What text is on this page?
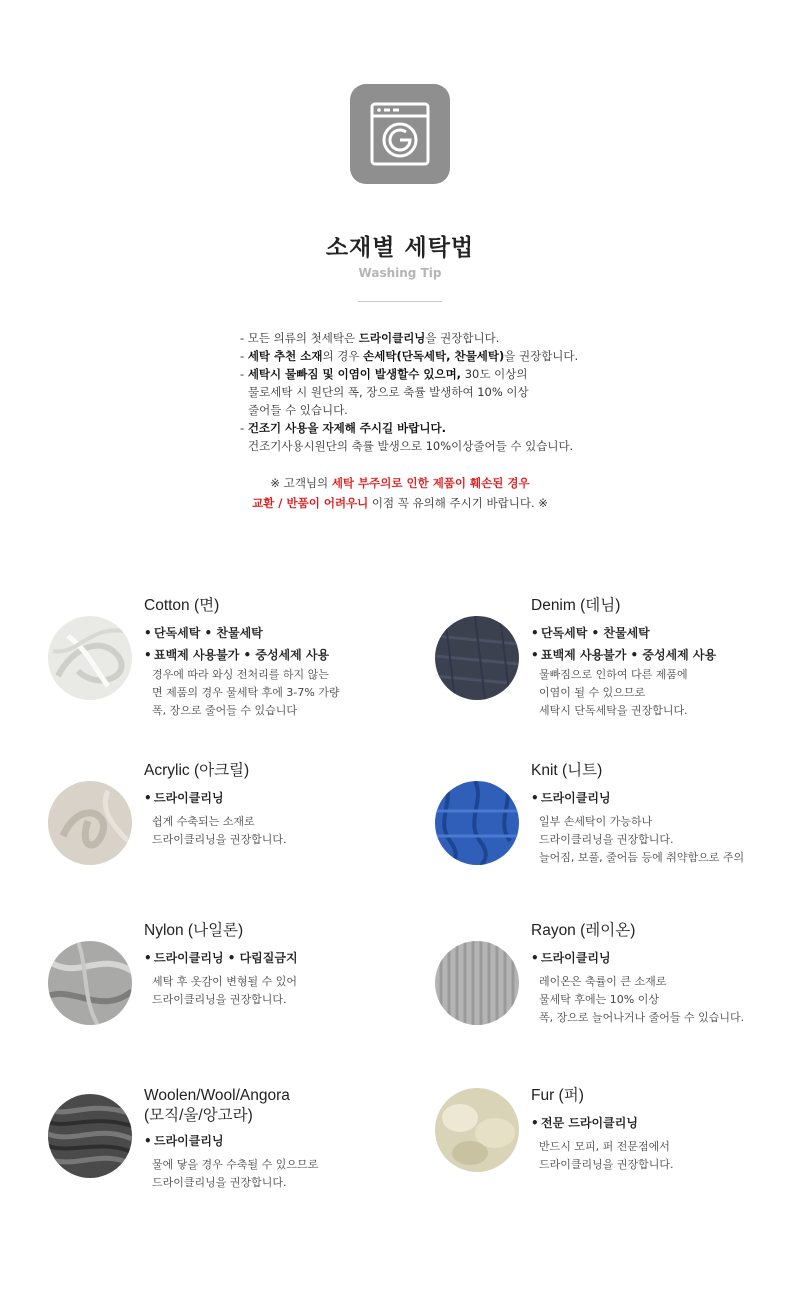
소재별 세탁법
Washing Tip
- 모든 의류의 첫세탁은 드라이클리닝을 권장합니다.
- 세탁 추천 소재의 경우 손세탁(단독세탁, 찬물세탁)을 권장합니다.
- 세탁시 물빠짐 및 이염이 발생할수 있으며, 30도 이상의
물로세탁 시 원단의 폭, 장으로 축률 발생하여 10% 이상
줄어들 수 있습니다.
- 건조기 사용을 자제해 주시길 바랍니다.
건조기사용시원단의 축률 발생으로 10%이상줄어들 수 있습니다.
※ 고객님의 세탁 부주의로 인한 제품이 훼손된 경우
교환 / 반품이 어려우니 이점 꼭 유의해 주시기 바랍니다. ※
Cotton (면)
• 단독세탁 • 찬물세탁
• 표백제 사용불가 • 중성세제 사용
경우에 따라 와싱 전처리를 하지 않는
면 제품의 경우 물세탁 후에 3-7% 가량
폭, 장으로 줄어들 수 있습니다
Denim (데님)
• 단독세탁 • 찬물세탁
• 표백제 사용불가 • 중성세제 사용
물빠짐으로 인하여 다른 제품에
이염이 될 수 있으므로
세탁시 단독세탁을 권장합니다.
Acrylic (아크릴)
• 드라이클리닝
쉽게 수축되는 소재로
드라이클리닝을 권장합니다.
Knit (니트)
• 드라이클리닝
일부 손세탁이 가능하나
드라이클리닝을 권장합니다.
늘어짐, 보풀, 줄어듬 등에 취약함으로 주의
Nylon (나일론)
• 드라이클리닝 • 다림질금지
세탁 후 옷감이 변형될 수 있어
드라이클리닝을 권장합니다.
Rayon (레이온)
• 드라이클리닝
레이온은 축률이 큰 소재로
물세탁 후에는 10% 이상
폭, 장으로 늘어나거나 줄어들 수 있습니다.
Woolen/Wool/Angora
(모직/울/앙고라)
• 드라이클리닝
물에 닿을 경우 수축될 수 있으므로
드라이클리닝을 권장합니다.
Fur (퍼)
• 전문 드라이클리닝
반드시 모피, 퍼 전문점에서
드라이클리닝을 권장합니다.
